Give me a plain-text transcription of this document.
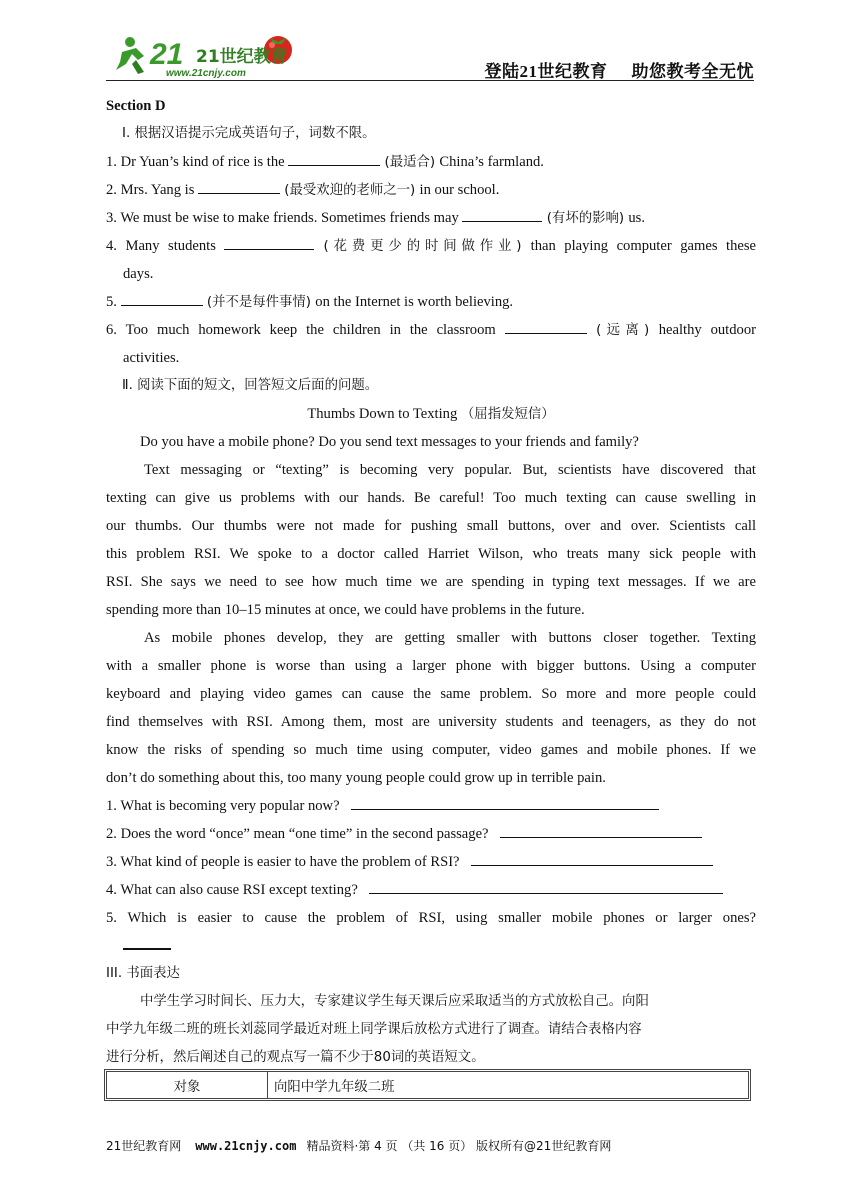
21 21世纪教育
www.21cnjy.com	登陆21世纪教育 助您教考全无忧
Section D
Ⅰ. 根据汉语提示完成英语句子，词数不限。
1. Dr Yuan’s kind of rice is the	(最适合) China’s farmland.
2. Mrs. Yang is	(最受欢迎的老师之一) in our school.
3. We must be wise to make friends. Sometimes friends may	(有坏的影响) us.
4. Many students	(花费更少的时间做作业) than playing computer games these
days.
5.	(并不是每件事情) on the Internet is worth believing.
6. Too much homework keep the children in the classroom	(远离) healthy outdoor
activities.
Ⅱ. 阅读下面的短文，回答短文后面的问题。
Thumbs Down to Texting （屈指发短信）
Do you have a mobile phone? Do you send text messages to your friends and family?
Text messaging or “texting” is becoming very popular. But, scientists have discovered that
texting can give us problems with our hands. Be careful! Too much texting can cause swelling in
our thumbs. Our thumbs were not made for pushing small buttons, over and over. Scientists call
this problem RSI. We spoke to a doctor called Harriet Wilson, who treats many sick people with
RSI. She says we need to see how much time we are spending in typing text messages. If we are
spending more than 10–15 minutes at once, we could have problems in the future.
As mobile phones develop, they are getting smaller with buttons closer together. Texting
with a smaller phone is worse than using a larger phone with bigger buttons. Using a computer
keyboard and playing video games can cause the same problem. So more and more people could
find themselves with RSI. Among them, most are university students and teenagers, as they do not
know the risks of spending so much time using computer, video games and mobile phones. If we
don’t do something about this, too many young people could grow up in terrible pain.
1. What is becoming very popular now?
2. Does the word “once” mean “one time” in the second passage?
3. What kind of people is easier to have the problem of RSI?
4. What can also cause RSI except texting?
5. Which is easier to cause the problem of RSI, using smaller mobile phones or larger ones?
III. 书面表达
中学生学习时间长、压力大，专家建议学生每天课后应采取适当的方式放松自己。向阳
中学九年级二班的班长刘蕊同学最近对班上同学课后放松方式进行了调查。请结合表格内容
进行分析，然后阐述自己的观点写一篇不少于80词的英语短文。
对象	向阳中学九年级二班
21世纪教育网 www.21cnjy.com 精品资料·第 4 页 （共 16 页） 版权所有@21世纪教育网
